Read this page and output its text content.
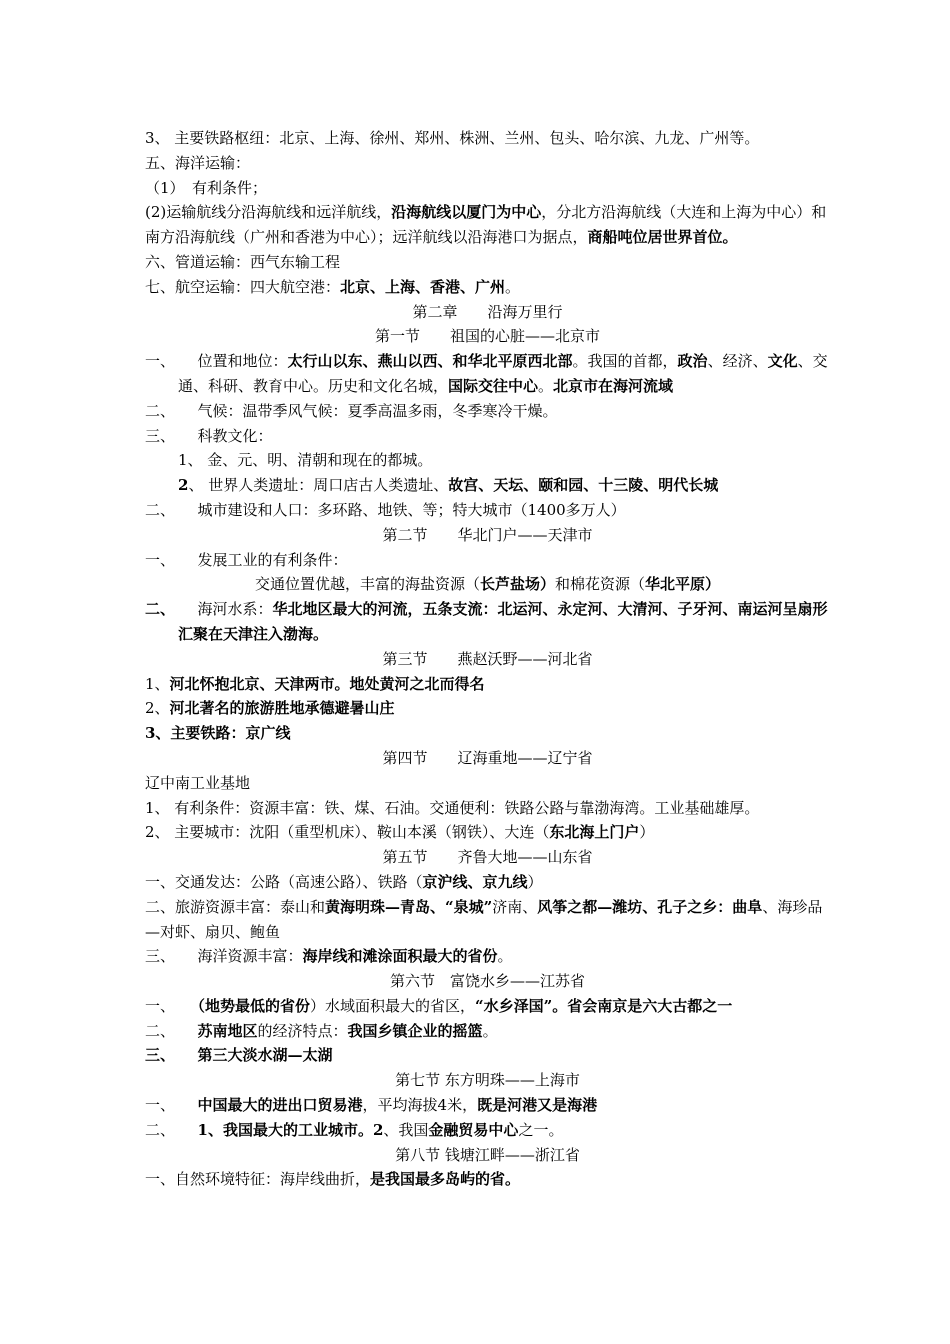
3、 主要铁路枢纽：北京、上海、徐州、郑州、株洲、兰州、包头、哈尔滨、九龙、广州等。
五、海洋运输：
（1）　有利条件；
(2)运输航线分沿海航线和远洋航线，沿海航线以厦门为中心，分北方沿海航线（大连和上海为中心）和南方沿海航线（广州和香港为中心）；远洋航线以沿海港口为据点，商船吨位居世界首位。
六、管道运输：西气东输工程
七、航空运输：四大航空港：北京、上海、香港、广州。
第二章　　沿海万里行
第一节　　祖国的心脏——北京市
一、　　位置和地位：太行山以东、燕山以西、和华北平原西北部。我国的首都，政治、经济、文化、交通、科研、教育中心。历史和文化名城，国际交往中心。北京市在海河流域
二、　　气候：温带季风气候：夏季高温多雨，冬季寒冷干燥。
三、　　科教文化：
1、 金、元、明、清朝和现在的都城。
2、 世界人类遗址：周口店古人类遗址、故宫、天坛、颐和园、十三陵、明代长城
二、　　城市建设和人口：多环路、地铁、等；特大城市（1400多万人）
第二节　　华北门户——天津市
一、　　发展工业的有利条件：
交通位置优越，丰富的海盐资源（长芦盐场）和棉花资源（华北平原）
二、　　海河水系：华北地区最大的河流，五条支流：北运河、永定河、大清河、子牙河、南运河呈扇形汇聚在天津注入渤海。
第三节　　燕赵沃野——河北省
1、河北怀抱北京、天津两市。地处黄河之北而得名
2、河北著名的旅游胜地承德避暑山庄
3、主要铁路：京广线
第四节　　辽海重地——辽宁省
辽中南工业基地
1、 有利条件：资源丰富：铁、煤、石油。交通便利：铁路公路与靠渤海湾。工业基础雄厚。
2、 主要城市：沈阳（重型机床）、鞍山本溪（钢铁）、大连（东北海上门户）
第五节　　齐鲁大地——山东省
一、交通发达：公路（高速公路）、铁路（京沪线、京九线）
二、旅游资源丰富：泰山和黄海明珠—青岛、“泉城”济南、风筝之都—潍坊、孔子之乡：曲阜、海珍品—对虾、扇贝、鲍鱼
三、　　海洋资源丰富：海岸线和滩涂面积最大的省份。
第六节　富饶水乡——江苏省
一、　　（地势最低的省份）水域面积最大的省区，“水乡泽国”。省会南京是六大古都之一
二、　　苏南地区的经济特点：我国乡镇企业的摇篮。
三、　　第三大淡水湖—太湖
第七节 东方明珠——上海市
一、　　中国最大的进出口贸易港，平均海拔4米，既是河港又是海港
二、　　1、我国最大的工业城市。2、我国金融贸易中心之一。
第八节 钱塘江畔——浙江省
一、自然环境特征：海岸线曲折，是我国最多岛屿的省。
